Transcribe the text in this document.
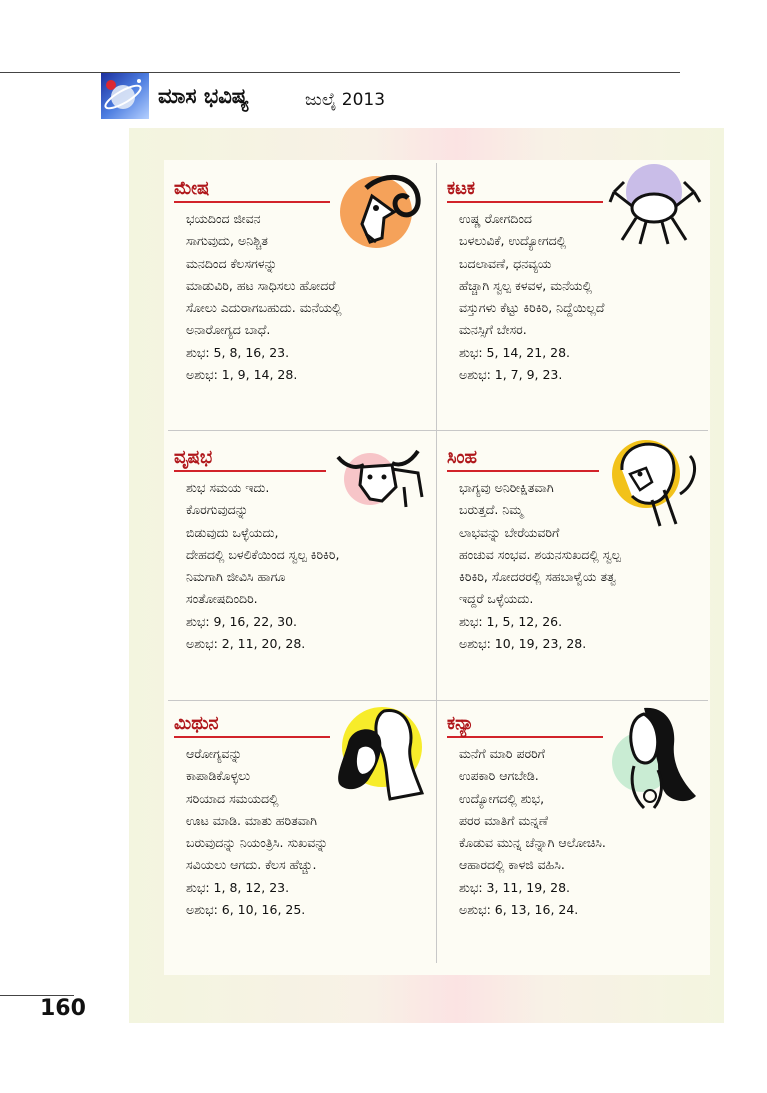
ಮಾಸ ಭವಿಷ್ಯ	ಜುಲೈ 2013
ಮೇಷ
ಭಯದಿಂದ ಜೀವನ
ಸಾಗುವುದು, ಅನಿಶ್ಚಿತ
ಮನದಿಂದ ಕೆಲಸಗಳನ್ನು
ಮಾಡುವಿರಿ, ಹಟ ಸಾಧಿಸಲು ಹೋದರೆ
ಸೋಲು ಎದುರಾಗಬಹುದು. ಮನೆಯಲ್ಲಿ
ಅನಾರೋಗ್ಯದ ಬಾಧೆ.
ಶುಭ: 5, 8, 16, 23.
ಅಶುಭ: 1, 9, 14, 28.
ಕಟಕ
ಉಷ್ಣ ರೋಗದಿಂದ
ಬಳಲುವಿಕೆ, ಉದ್ಯೋಗದಲ್ಲಿ
ಬದಲಾವಣೆ, ಧನವ್ಯಯ
ಹೆಚ್ಚಾಗಿ ಸ್ವಲ್ಪ ಕಳವಳ, ಮನೆಯಲ್ಲಿ
ವಸ್ತುಗಳು ಕೆಟ್ಟು ಕಿರಿಕಿರಿ, ನಿದ್ದೆಯಿಲ್ಲದೆ
ಮನಸ್ಸಿಗೆ ಬೇಸರ.
ಶುಭ: 5, 14, 21, 28.
ಅಶುಭ: 1, 7, 9, 23.
ವೃಷಭ
ಶುಭ ಸಮಯ ಇದು.
ಕೊರಗುವುದನ್ನು
ಬಿಡುವುದು ಒಳ್ಳೆಯದು,
ದೇಹದಲ್ಲಿ ಬಳಲಿಕೆಯಿಂದ ಸ್ವಲ್ಪ ಕಿರಿಕಿರಿ,
ನಿಮಗಾಗಿ ಜೀವಿಸಿ ಹಾಗೂ
ಸಂತೋಷದಿಂದಿರಿ.
ಶುಭ: 9, 16, 22, 30.
ಅಶುಭ: 2, 11, 20, 28.
ಸಿಂಹ
ಭಾಗ್ಯವು ಅನಿರೀಕ್ಷಿತವಾಗಿ
ಬರುತ್ತದೆ. ನಿಮ್ಮ
ಲಾಭವನ್ನು ಬೇರೆಯವರಿಗೆ
ಹಂಚುವ ಸಂಭವ. ಶಯನಸುಖದಲ್ಲಿ ಸ್ವಲ್ಪ
ಕಿರಿಕಿರಿ, ಸೋದರರಲ್ಲಿ ಸಹಬಾಳ್ವೆಯ ತತ್ವ
ಇದ್ದರೆ ಒಳ್ಳೆಯದು.
ಶುಭ: 1, 5, 12, 26.
ಅಶುಭ: 10, 19, 23, 28.
ಮಿಥುನ
ಆರೋಗ್ಯವನ್ನು
ಕಾಪಾಡಿಕೊಳ್ಳಲು
ಸರಿಯಾದ ಸಮಯದಲ್ಲಿ
ಊಟ ಮಾಡಿ. ಮಾತು ಹರಿತವಾಗಿ
ಬರುವುದನ್ನು ನಿಯಂತ್ರಿಸಿ. ಸುಖವನ್ನು
ಸವಿಯಲು ಆಗದು. ಕೆಲಸ ಹೆಚ್ಚು.
ಶುಭ: 1, 8, 12, 23.
ಅಶುಭ: 6, 10, 16, 25.
ಕನ್ಯಾ
ಮನೆಗೆ ಮಾರಿ ಪರರಿಗೆ
ಉಪಕಾರಿ ಆಗಬೇಡಿ.
ಉದ್ಯೋಗದಲ್ಲಿ ಶುಭ,
ಪರರ ಮಾತಿಗೆ ಮನ್ನಣೆ
ಕೊಡುವ ಮುನ್ನ ಚೆನ್ನಾಗಿ ಆಲೋಚಿಸಿ.
ಆಹಾರದಲ್ಲಿ ಕಾಳಜಿ ವಹಿಸಿ.
ಶುಭ: 3, 11, 19, 28.
ಅಶುಭ: 6, 13, 16, 24.
160
